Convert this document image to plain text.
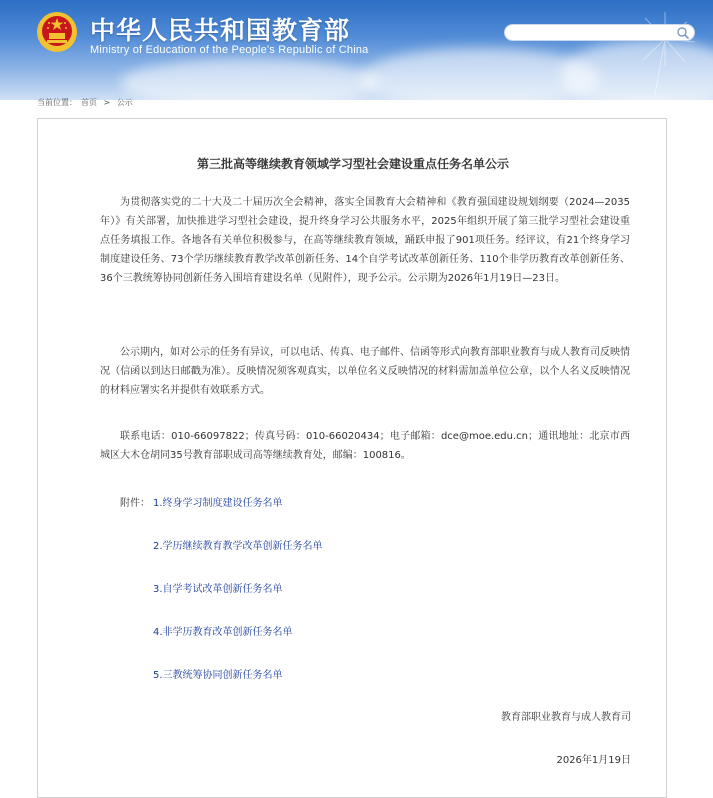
中华人民共和国教育部
Ministry of Education of the People's Republic of China
当前位置： 首页 > 公示
第三批高等继续教育领域学习型社会建设重点任务名单公示

为贯彻落实党的二十大及二十届历次全会精神，落实全国教育大会精神和《教育强国建设规划纲要（2024—2035年）》有关部署，加快推进学习型社会建设，提升终身学习公共服务水平，2025年组织开展了第三批学习型社会建设重点任务填报工作。各地各有关单位积极参与，在高等继续教育领域，踊跃申报了901项任务。经评议，有21个终身学习制度建设任务、73个学历继续教育教学改革创新任务、14个自学考试改革创新任务、110个非学历教育改革创新任务、36个三教统筹协同创新任务入围培育建设名单（见附件），现予公示。公示期为2026年1月19日—23日。

公示期内，如对公示的任务有异议，可以电话、传真、电子邮件、信函等形式向教育部职业教育与成人教育司反映情况（信函以到达日邮戳为准）。反映情况须客观真实，以单位名义反映情况的材料需加盖单位公章，以个人名义反映情况的材料应署实名并提供有效联系方式。

联系电话：010-66097822；传真号码：010-66020434；电子邮箱：dce@moe.edu.cn；通讯地址：北京市西城区大木仓胡同35号教育部职成司高等继续教育处，邮编：100816。

附件： 1.终身学习制度建设任务名单
2.学历继续教育教学改革创新任务名单
3.自学考试改革创新任务名单
4.非学历教育改革创新任务名单
5.三教统筹协同创新任务名单
教育部职业教育与成人教育司
2026年1月19日
